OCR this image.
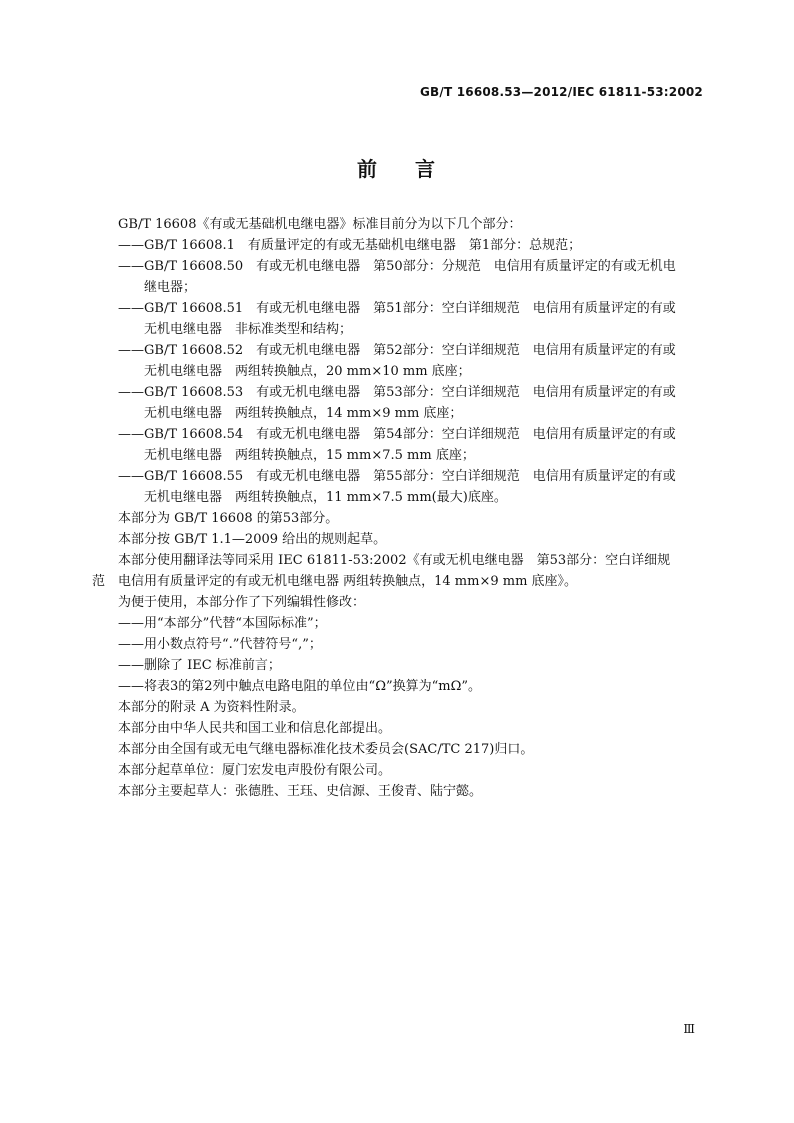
GB/T 16608.53—2012/IEC 61811-53:2002
前 言

GB/T 16608《有或无基础机电继电器》标准目前分为以下几个部分：

——GB/T 16608.1　有质量评定的有或无基础机电继电器　第1部分：总规范；

——GB/T 16608.50　有或无机电继电器　第50部分：分规范　电信用有质量评定的有或无机电

继电器；

——GB/T 16608.51　有或无机电继电器　第51部分：空白详细规范　电信用有质量评定的有或

无机电继电器　非标准类型和结构；

——GB/T 16608.52　有或无机电继电器　第52部分：空白详细规范　电信用有质量评定的有或

无机电继电器　两组转换触点，20 mm×10 mm 底座；

——GB/T 16608.53　有或无机电继电器　第53部分：空白详细规范　电信用有质量评定的有或

无机电继电器　两组转换触点，14 mm×9 mm 底座；

——GB/T 16608.54　有或无机电继电器　第54部分：空白详细规范　电信用有质量评定的有或

无机电继电器　两组转换触点，15 mm×7.5 mm 底座；

——GB/T 16608.55　有或无机电继电器　第55部分：空白详细规范　电信用有质量评定的有或

无机电继电器　两组转换触点，11 mm×7.5 mm(最大)底座。

本部分为 GB/T 16608 的第53部分。

本部分按 GB/T 1.1—2009 给出的规则起草。

本部分使用翻译法等同采用 IEC 61811-53:2002《有或无机电继电器　第53部分：空白详细规

范　电信用有质量评定的有或无机电继电器 两组转换触点，14 mm×9 mm 底座》。

为便于使用，本部分作了下列编辑性修改：

——用“本部分”代替“本国际标准”；

——用小数点符号“.”代替符号“,”；

——删除了 IEC 标准前言；

——将表3的第2列中触点电路电阻的单位由“Ω”换算为“mΩ”。

本部分的附录 A 为资料性附录。

本部分由中华人民共和国工业和信息化部提出。

本部分由全国有或无电气继电器标准化技术委员会(SAC/TC 217)归口。

本部分起草单位：厦门宏发电声股份有限公司。

本部分主要起草人：张德胜、王珏、史信源、王俊青、陆宁懿。

Ⅲ
